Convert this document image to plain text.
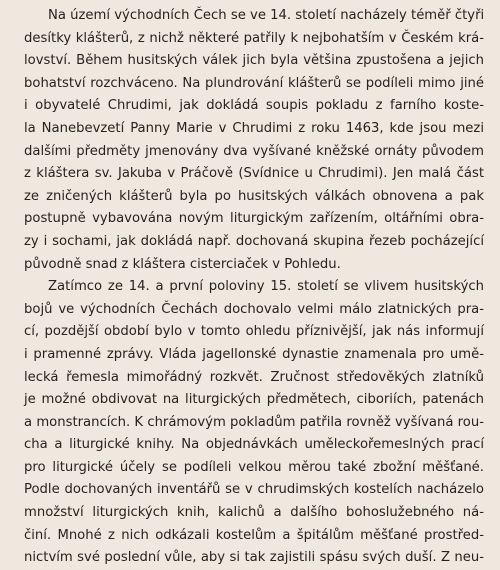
Na území východních Čech se ve 14. století nacházely téměř čtyři
desítky klášterů, z nichž některé patřily k nejbohatším v Českém krá-
lovství. Během husitských válek jich byla většina zpustošena a jejich
bohatství rozchváceno. Na plundrování klášterů se podíleli mimo jiné
i obyvatelé Chrudimi, jak dokládá soupis pokladu z farního koste-
la Nanebevzetí Panny Marie v Chrudimi z roku 1463, kde jsou mezi
dalšími předměty jmenovány dva vyšívané kněžské ornáty původem
z kláštera sv. Jakuba v Práčově (Svídnice u Chrudimi). Jen malá část
ze zničených klášterů byla po husitských válkách obnovena a pak
postupně vybavována novým liturgickým zařízením, oltářními obra-
zy i sochami, jak dokládá např. dochovaná skupina řezeb pocházející
původně snad z kláštera cisterciaček v Pohledu.
Zatímco ze 14. a první poloviny 15. století se vlivem husitských
bojů ve východních Čechách dochovalo velmi málo zlatnických pra-
cí, pozdější období bylo v tomto ohledu příznivější, jak nás informují
i pramenné zprávy. Vláda jagellonské dynastie znamenala pro umě-
lecká řemesla mimořádný rozkvět. Zručnost středověkých zlatníků
je možné obdivovat na liturgických předmětech, ciboriích, patenách
a monstrancích. K chrámovým pokladům patřila rovněž vyšívaná rou-
cha a liturgické knihy. Na objednávkách uměleckořemeslných prací
pro liturgické účely se podíleli velkou měrou také zbožní měšťané.
Podle dochovaných inventářů se v chrudimských kostelích nacházelo
množství liturgických knih, kalichů a dalšího bohoslužebného ná-
činí. Mnohé z nich odkázali kostelům a špitálům měšťané prostřed-
nictvím své poslední vůle, aby si tak zajistili spásu svých duší. Z neu-
